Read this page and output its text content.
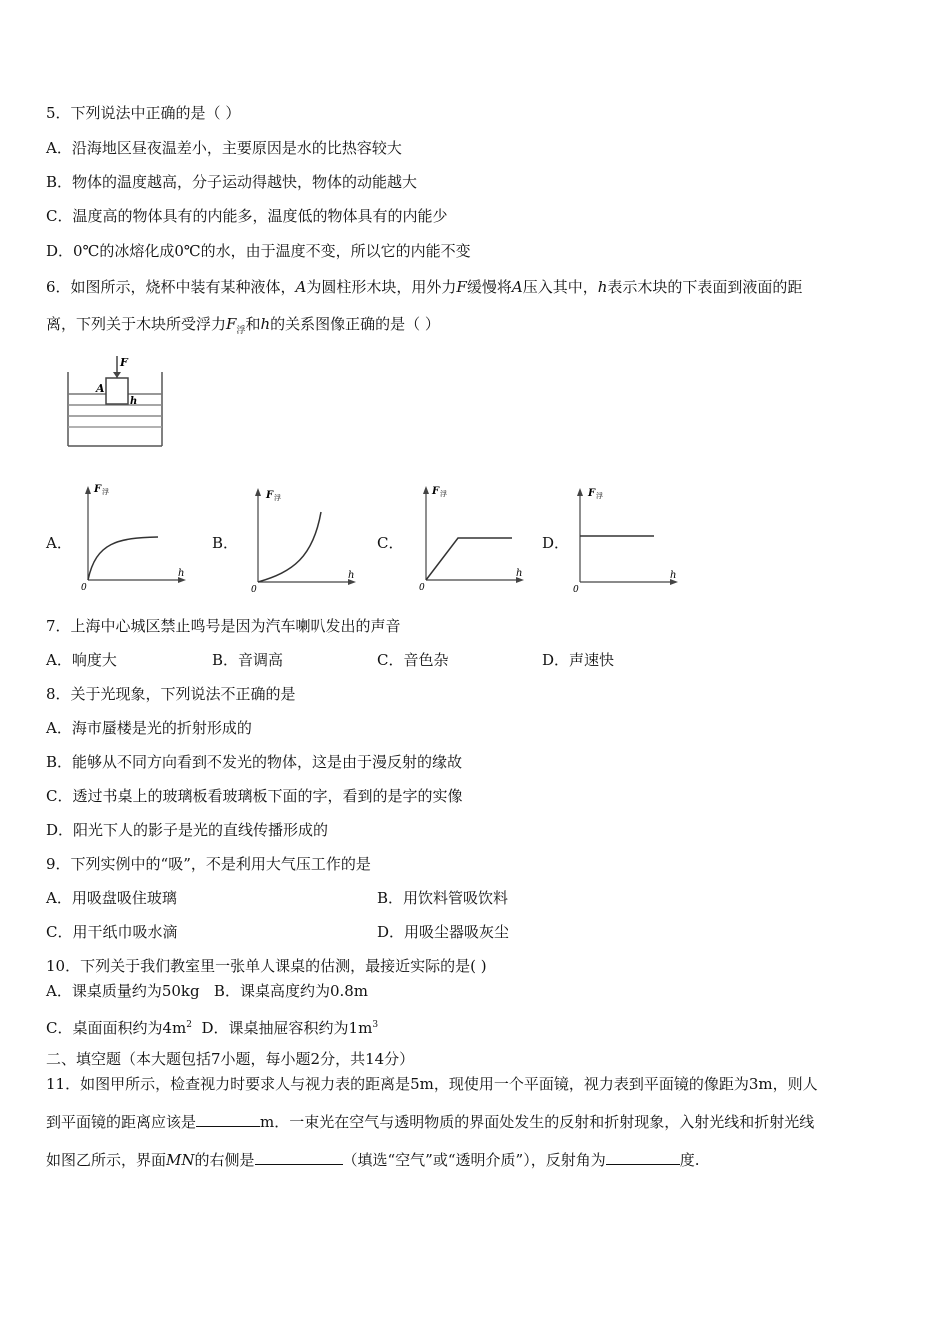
5．下列说法中正确的是（ ）
A．沿海地区昼夜温差小，主要原因是水的比热容较大
B．物体的温度越高，分子运动得越快，物体的动能越大
C．温度高的物体具有的内能多，温度低的物体具有的内能少
D．0℃的冰熔化成0℃的水，由于温度不变，所以它的内能不变
6．如图所示，烧杯中装有某种液体，A为圆柱形木块，用外力F缓慢将A压入其中，h表示木块的下表面到液面的距
离，下列关于木块所受浮力$F_浮$和h的关系图像正确的是（ ）
F
A
h
A．
F 浮
h
0
B．
F 浮
h
0
C．
F 浮
h
0
D．
F 浮
h
0
7．上海中心城区禁止鸣号是因为汽车喇叭发出的声音
A．响度大	B．音调高	C．音色杂	D．声速快
8．关于光现象，下列说法不正确的是
A．海市蜃楼是光的折射形成的
B．能够从不同方向看到不发光的物体，这是由于漫反射的缘故
C．透过书桌上的玻璃板看玻璃板下面的字，看到的是字的实像
D．阳光下人的影子是光的直线传播形成的
9．下列实例中的“吸”，不是利用大气压工作的是
A．用吸盘吸住玻璃	B．用饮料管吸饮料
C．用干纸巾吸水滴	D．用吸尘器吸灰尘
10．下列关于我们教室里一张单人课桌的估测，最接近实际的是( )
A．课桌质量约为50kg   B．课桌高度约为0.8m
C．桌面面积约为$4m^2$ D．课桌抽屉容积约为$1m^3$
二、填空题（本大题包括7小题，每小题2分，共14分）
11．如图甲所示，检查视力时要求人与视力表的距离是5m，现使用一个平面镜，视力表到平面镜的像距为3m，则人
到平面镜的距离应该是	m．一束光在空气与透明物质的界面处发生的反射和折射现象，入射光线和折射光线
如图乙所示，界面MN的右侧是	（填选“空气”或“透明介质”），反射角为	度.
